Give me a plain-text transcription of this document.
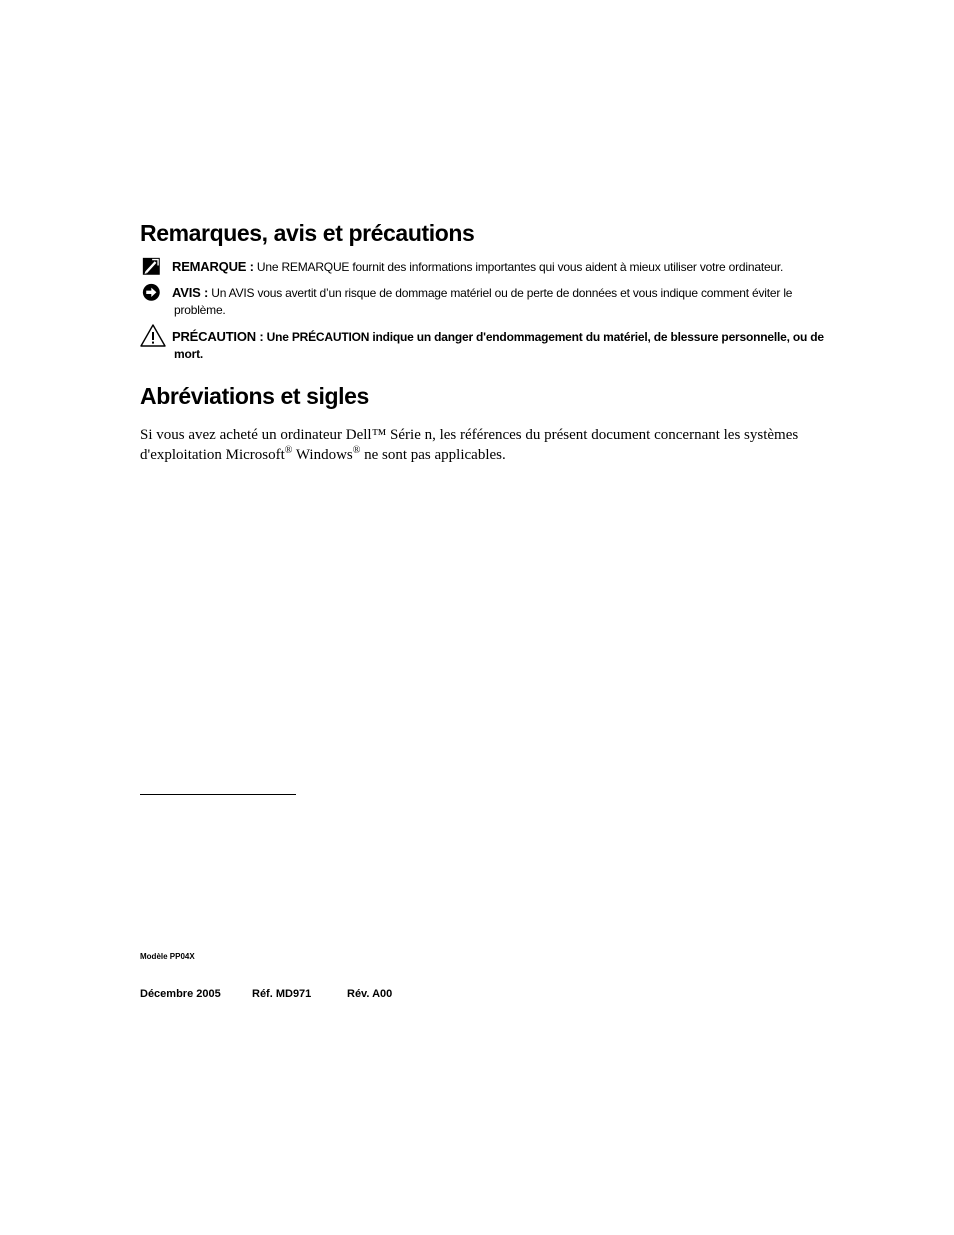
Remarques, avis et précautions
REMARQUE : Une REMARQUE fournit des informations importantes qui vous aident à mieux utiliser votre ordinateur.
AVIS : Un AVIS vous avertit d’un risque de dommage matériel ou de perte de données et vous indique comment éviter le
problème.
PRÉCAUTION : Une PRÉCAUTION indique un danger d'endommagement du matériel, de blessure personnelle, ou de
mort.
Abréviations et sigles

Si vous avez acheté un ordinateur Dell™ Série n, les références du présent document concernant les systèmes d'exploitation Microsoft® Windows® ne sont pas applicables.

Modèle PP04X
Décembre 2005	Réf. MD971	Rév. A00
